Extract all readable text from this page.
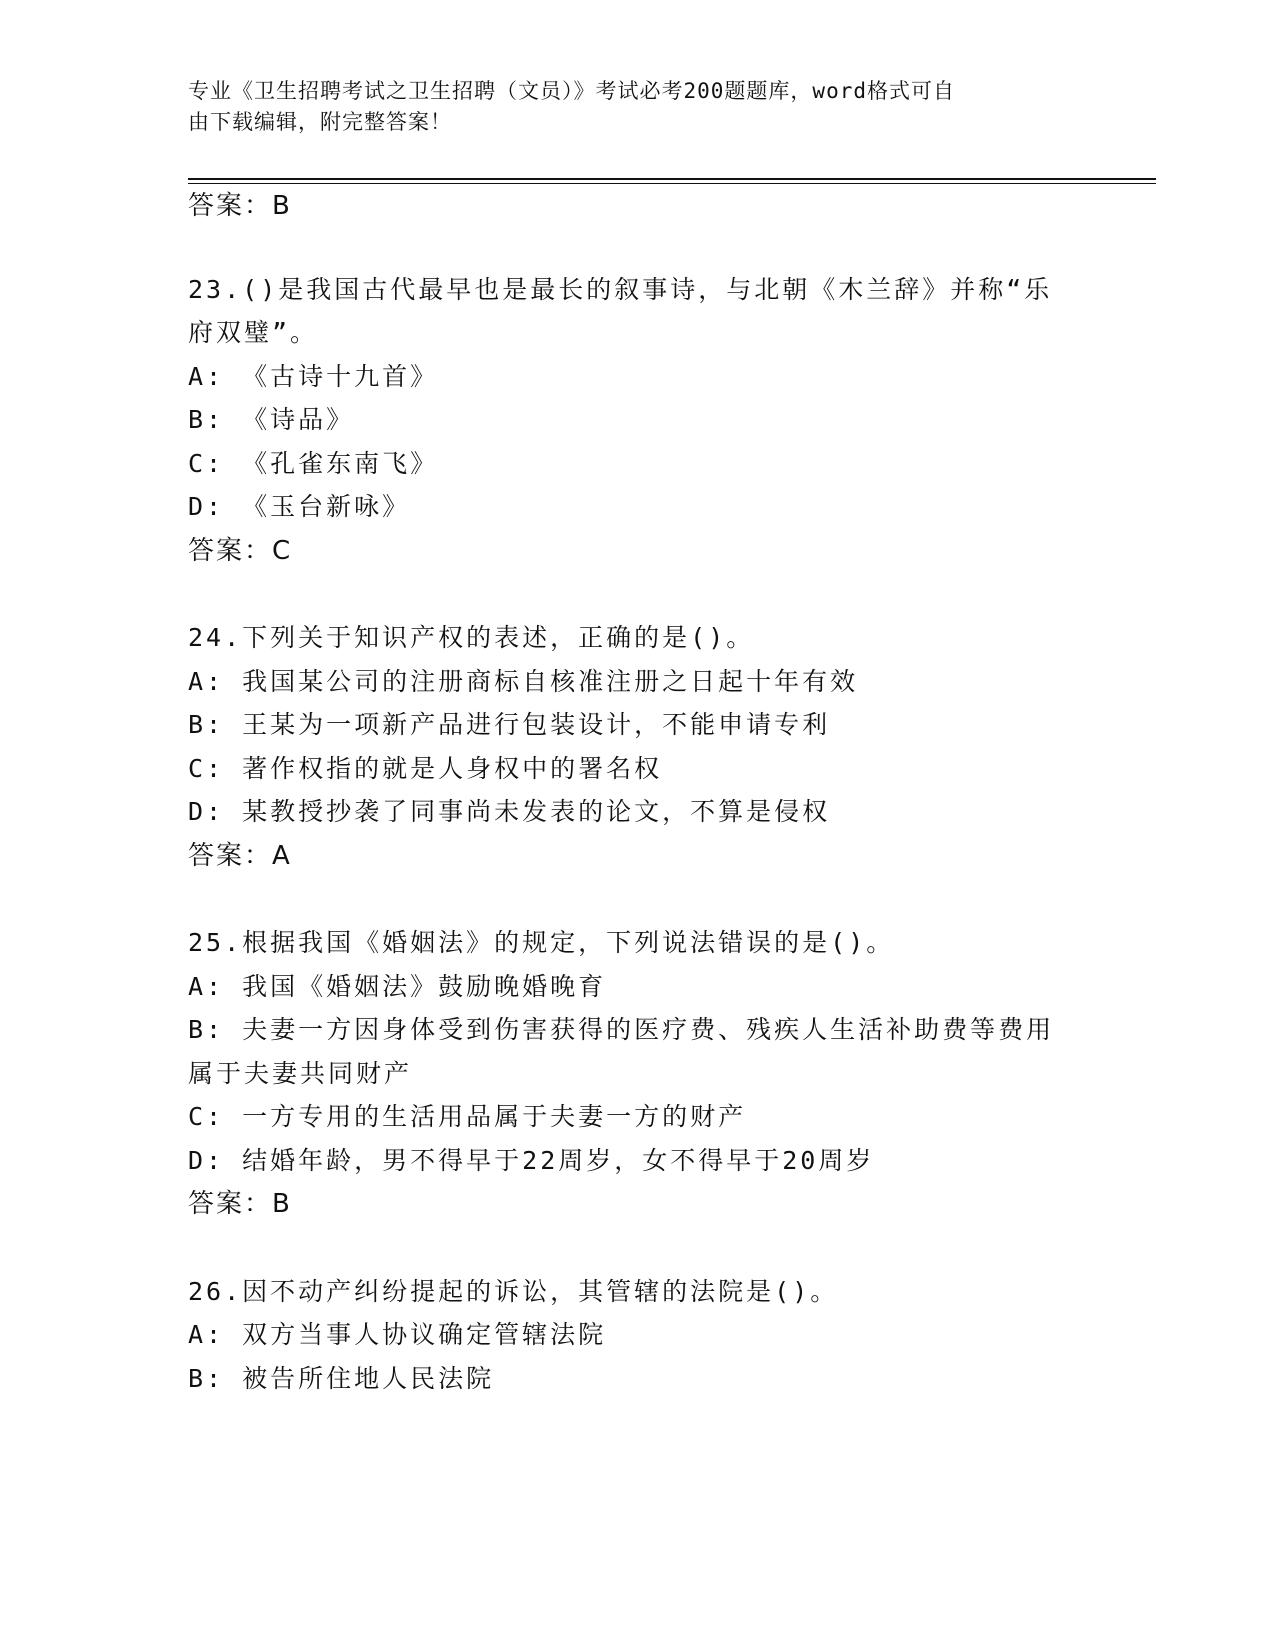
专业《卫生招聘考试之卫生招聘（文员）》考试必考200题题库，word格式可自
由下载编辑，附完整答案！
答案：B
23.()是我国古代最早也是最长的叙事诗，与北朝《木兰辞》并称“乐
府双璧”。
A: 《古诗十九首》
B: 《诗品》
C: 《孔雀东南飞》
D: 《玉台新咏》
答案：C
24.下列关于知识产权的表述，正确的是()。
A: 我国某公司的注册商标自核准注册之日起十年有效
B: 王某为一项新产品进行包装设计，不能申请专利
C: 著作权指的就是人身权中的署名权
D: 某教授抄袭了同事尚未发表的论文，不算是侵权
答案：A
25.根据我国《婚姻法》的规定，下列说法错误的是()。
A: 我国《婚姻法》鼓励晚婚晚育
B: 夫妻一方因身体受到伤害获得的医疗费、残疾人生活补助费等费用
属于夫妻共同财产
C: 一方专用的生活用品属于夫妻一方的财产
D: 结婚年龄，男不得早于22周岁，女不得早于20周岁
答案：B
26.因不动产纠纷提起的诉讼，其管辖的法院是()。
A: 双方当事人协议确定管辖法院
B: 被告所住地人民法院
